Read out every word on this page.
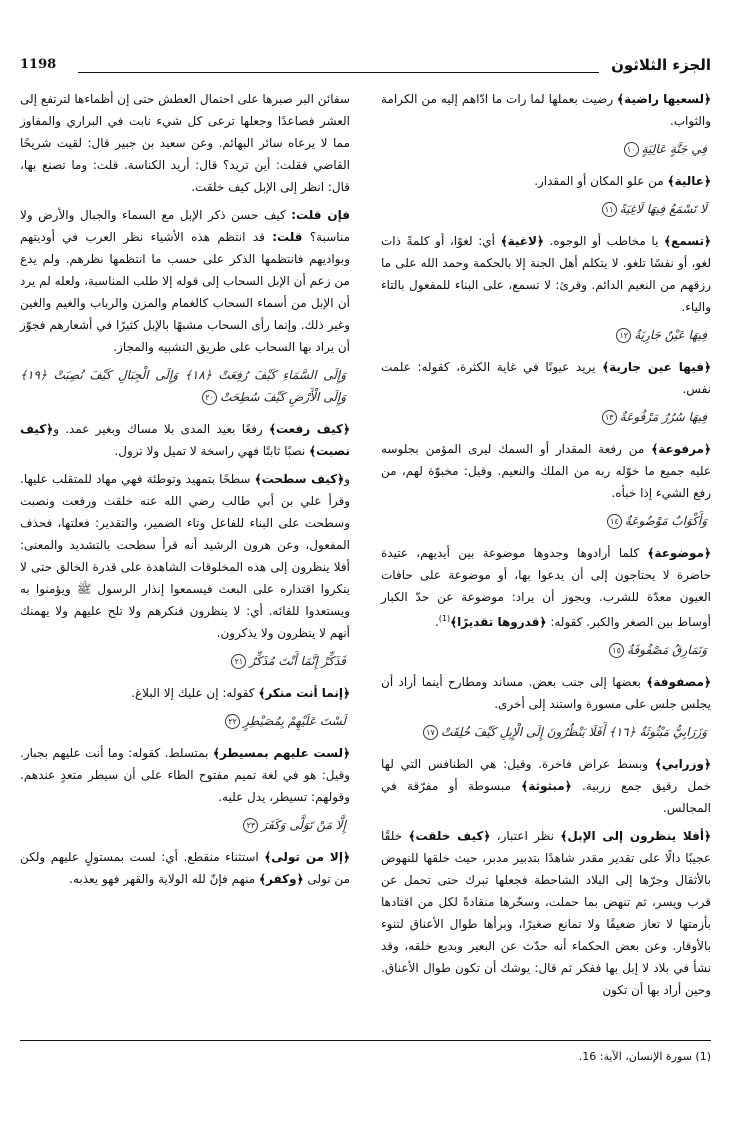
الجزء الثلاثون
1198

﴿لسعيها راضية﴾ رضيت بعملها لما رات ما ادّاهم إليه من الكرامة والثواب.

فِي جَنَّةٍ عَالِيَةٍ١٠

﴿عالية﴾ من علو المكان أو المقدار.

لَا تَسْمَعُ فِيهَا لَاغِيَةً١١

﴿تسمع﴾ يا مخاطب أو الوجوه. ﴿لاغية﴾ أي: لغوًا، أو كلمةً ذات لغو، أو نفسًا تلغو. لا يتكلم أهل الجنة إلا بالحكمة وحمد الله على ما رزقهم من النعيم الدائم. وقرئ: لا تسمع، على البناء للمفعول بالتاء والياء.

فِيهَا عَيْنٌ جَارِيَةٌ١٢

﴿فيها عين جارية﴾ يريد عيونًا في غاية الكثرة، كقوله: علمت نفس.

فِيهَا سُرُرٌ مَرْفُوعَةٌ١٣

﴿مرفوعة﴾ من رفعة المقدار أو السمك ليرى المؤمن بجلوسه عليه جميع ما خوّله ربه من الملك والنعيم. وقيل: مخبوّة لهم، من رفع الشيء إذا خبأه.

وَأَكْوَابٌ مَوْضُوعَةٌ١٤

﴿موضوعة﴾ كلما أرادوها وجدوها موضوعة بين أيديهم، عتيدة حاضرة لا يحتاجون إلى أن يدعوا بها، أو موضوعة على حافات العيون معدّة للشرب. ويجوز أن يراد: موضوعة عن حدّ الكبار أوساط بين الصغر والكبر. كقوله: ﴿قدروها تقديرًا﴾$^{(1)}$.

وَنَمَارِقُ مَصْفُوفَةٌ١٥

﴿مصفوفة﴾ بعضها إلى جنب بعض. مساند ومطارح أينما أراد أن يجلس جلس على مسورة واستند إلى أخرى.

وَزَرَابِيُّ مَبْثُوثَةٌ ﴿١٦﴾ أَفَلَا يَنْظُرُونَ إِلَى الْإِبِلِ كَيْفَ خُلِقَتْ١٧

﴿وزرابي﴾ وبسط عراض فاخرة. وقيل: هي الطنافس التي لها خمل رقيق جمع زربية. ﴿مبثوثة﴾ مبسوطة أو مفرّقة في المجالس.

﴿أفلا ينظرون إلى الإبل﴾ نظر اعتبار، ﴿كيف خلقت﴾ خلقًا عجيبًا دالًا على تقدير مقدر شاهدًا بتدبير مدبر، حيث خلقها للنهوض بالأثقال وجرّها إلى البلاد الشاحطة فجعلها تبرك حتى تحمل عن قرب ويسر، ثم تنهض بما حملت، وسخّرها منقادةً لكل من اقتادها بأزمتها لا تعاز ضعيفًا ولا تمانع صغيرًا، وبرأها طوال الأعناق لتنوء بالأوقار. وعن بعض الحكماء أنه حدّث عن البعير وبديع خلقه، وقد نشأ في بلاد لا إبل بها ففكر ثم قال: يوشك أن تكون طوال الأعناق. وحين أراد بها أن تكون

سفائن البر صبرها على احتمال العطش حتى إن أظماءها لترتفع إلى العشر فصاعدًا وجعلها ترعى كل شيء نابت في البراري والمفاوز مما لا يرعاه سائر البهائم. وعن سعيد بن جبير قال: لقيت شريحًا القاضي فقلت: أين تريد؟ قال: أريد الكناسة. قلت: وما تصنع بها، قال: انظر إلى الإبل كيف خلقت.

فإن قلت: كيف حسن ذكر الإبل مع السماء والجبال والأرض ولا مناسبة؟ قلت: قد انتظم هذه الأشياء نظر العرب في أوديتهم وبواديهم فانتظمها الذكر على حسب ما انتظمها نظرهم. ولم يدع من زعم أن الإبل السحاب إلى قوله إلا طلب المناسبة، ولعله لم يرد أن الإبل من أسماء السحاب كالغمام والمزن والرباب والغيم والغين وغير ذلك. وإنما رأى السحاب مشبهًا بالإبل كثيرًا في أشعارهم فجوّز أن يراد بها السحاب على طريق التشبيه والمجاز.

وَإِلَى السَّمَاءِ كَيْفَ رُفِعَتْ ﴿١٨﴾ وَإِلَى الْجِبَالِ كَيْفَ نُصِبَتْ ﴿١٩﴾ وَإِلَى الْأَرْضِ كَيْفَ سُطِحَتْ٢٠

﴿كيف رفعت﴾ رفعًا بعيد المدى بلا مساك وبغير عمد. و﴿كيف نصبت﴾ نصبًا ثابتًا فهي راسخة لا تميل ولا تزول.

و﴿كيف سطحت﴾ سطحًا بتمهيد وتوطئة فهي مهاد للمتقلب عليها. وقرأ علي بن أبي طالب رضي الله عنه خلقت ورفعت ونصبت وسطحت على البناء للفاعل وتاء الضمير، والتقدير: فعلتها، فحذف المفعول، وعن هرون الرشيد أنه قرأ سطحت بالتشديد والمعنى: أفلا ينظرون إلى هذه المخلوقات الشاهدة على قدرة الخالق حتى لا ينكروا اقتداره على البعث فيسمعوا إنذار الرسول ﷺ ويؤمنوا به ويستعدوا للقائه. أي: لا ينظرون فنكرهم ولا تلح عليهم ولا يهمنك أنهم لا ينظرون ولا يذكرون.

فَذَكِّرْ إِنَّمَا أَنْتَ مُذَكِّرٌ٢١

﴿إنما أنت منكر﴾ كقوله: إن عليك إلا البلاغ.

لَسْتَ عَلَيْهِمْ بِمُصَيْطِرٍ٢٢

﴿لست عليهم بمسيطر﴾ بمتسلط. كقوله: وما أنت عليهم بجبار. وقيل: هو في لغة تميم مفتوح الطاء على أن سيطر متعدٍ عندهم. وقولهم: تسيطر، يدل عليه.

إِلَّا مَنْ تَوَلَّى وَكَفَرَ٢٣

﴿إلا من تولى﴾ استثناء منقطع. أي: لست بمستولٍ عليهم ولكن من تولى ﴿وكفر﴾ منهم فإنّ لله الولاية والقهر فهو يعذبه.

(1) سورة الإنسان، الآية: 16.
